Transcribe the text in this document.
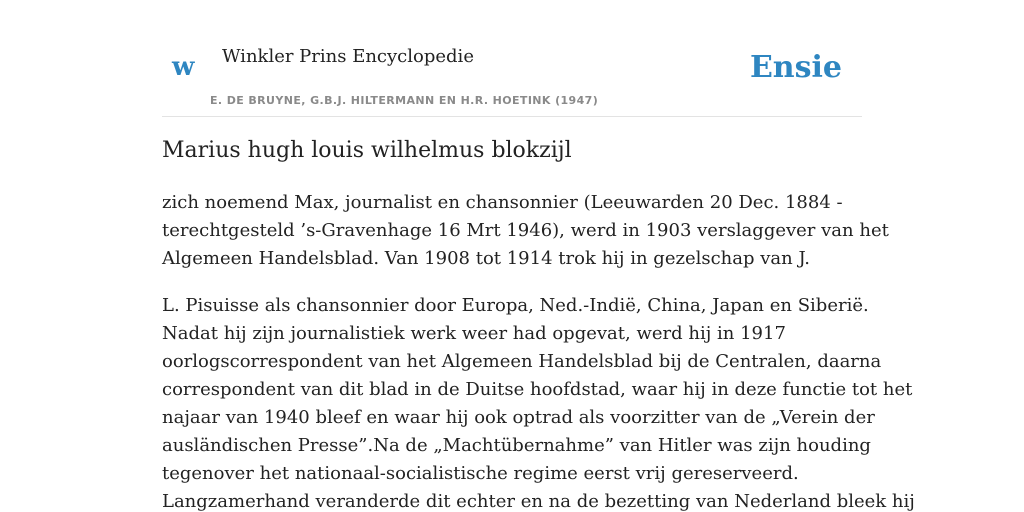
w Winkler Prins Encyclopedie
E. DE BRUYNE, G.B.J. HILTERMANN EN H.R. HOETINK (1947)
Ensie
Marius hugh louis wilhelmus blokzijl

zich noemend Max, journalist en chansonnier (Leeuwarden 20 Dec. 1884 -
terechtgesteld ’s-Gravenhage 16 Mrt 1946), werd in 1903 verslaggever van het
Algemeen Handelsblad. Van 1908 tot 1914 trok hij in gezelschap van J.

L. Pisuisse als chansonnier door Europa, Ned.-Indië, China, Japan en Siberië.
Nadat hij zijn journalistiek werk weer had opgevat, werd hij in 1917
oorlogscorrespondent van het Algemeen Handelsblad bij de Centralen, daarna
correspondent van dit blad in de Duitse hoofdstad, waar hij in deze functie tot het
najaar van 1940 bleef en waar hij ook optrad als voorzitter van de „Verein der
ausländischen Presse”.Na de „Machtübernahme” van Hitler was zijn houding
tegenover het nationaal-socialistische regime eerst vrij gereserveerd.
Langzamerhand veranderde dit echter en na de bezetting van Nederland bleek hij
